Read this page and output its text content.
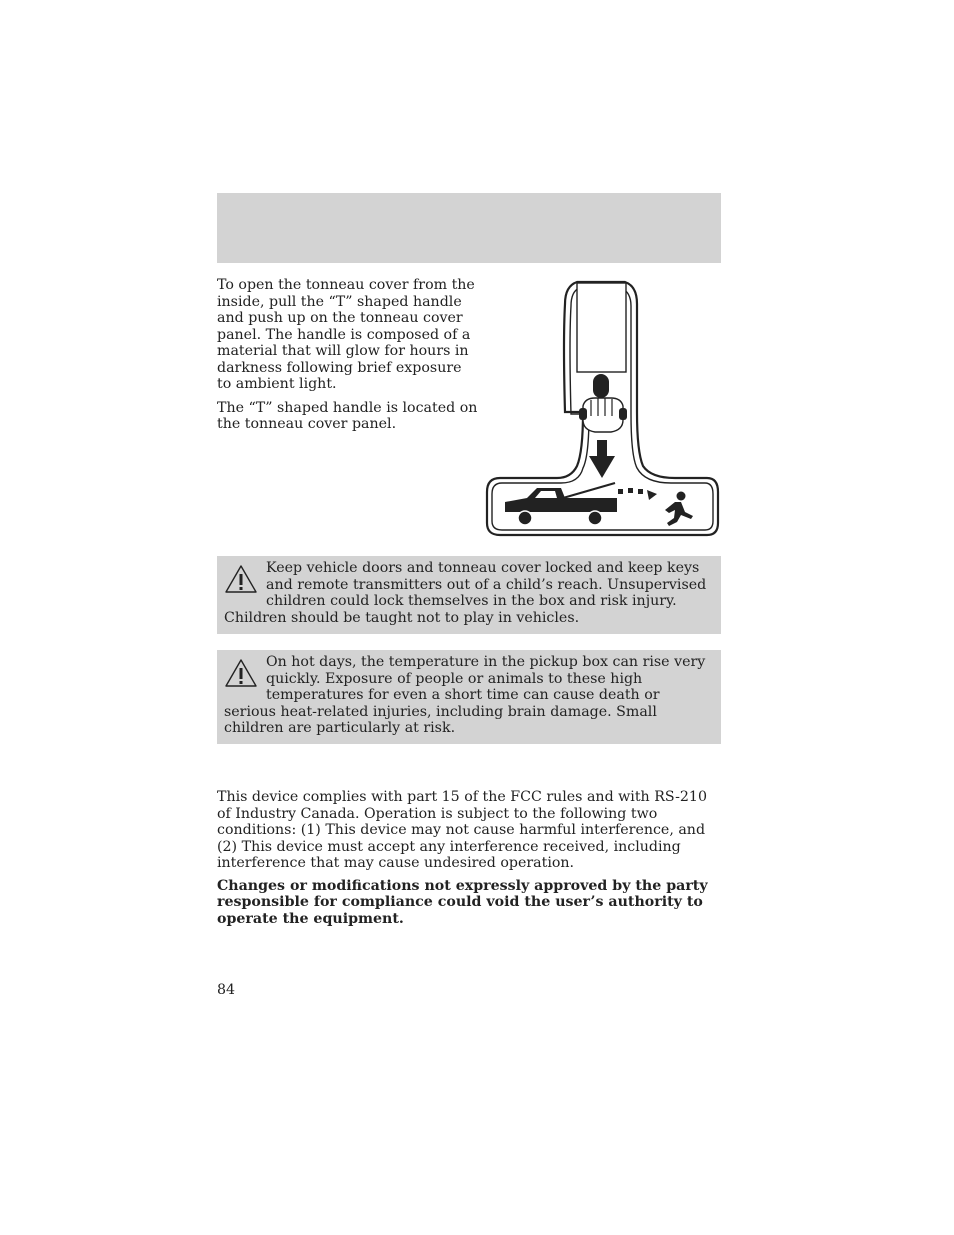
To open the tonneau cover from the inside, pull the “T” shaped handle and push up on the tonneau cover panel. The handle is composed of a material that will glow for hours in darkness following brief exposure to ambient light.

The “T” shaped handle is located on the tonneau cover panel.

Keep vehicle doors and tonneau cover locked and keep keys and remote transmitters out of a child’s reach. Unsupervised children could lock themselves in the box and risk injury. Children should be taught not to play in vehicles.
On hot days, the temperature in the pickup box can rise very quickly. Exposure of people or animals to these high temperatures for even a short time can cause death or serious heat-related injuries, including brain damage. Small children are particularly at risk.

This device complies with part 15 of the FCC rules and with RS-210 of Industry Canada. Operation is subject to the following two conditions: (1) This device may not cause harmful interference, and (2) This device must accept any interference received, including interference that may cause undesired operation.

Changes or modifications not expressly approved by the party responsible for compliance could void the user’s authority to operate the equipment.

84
